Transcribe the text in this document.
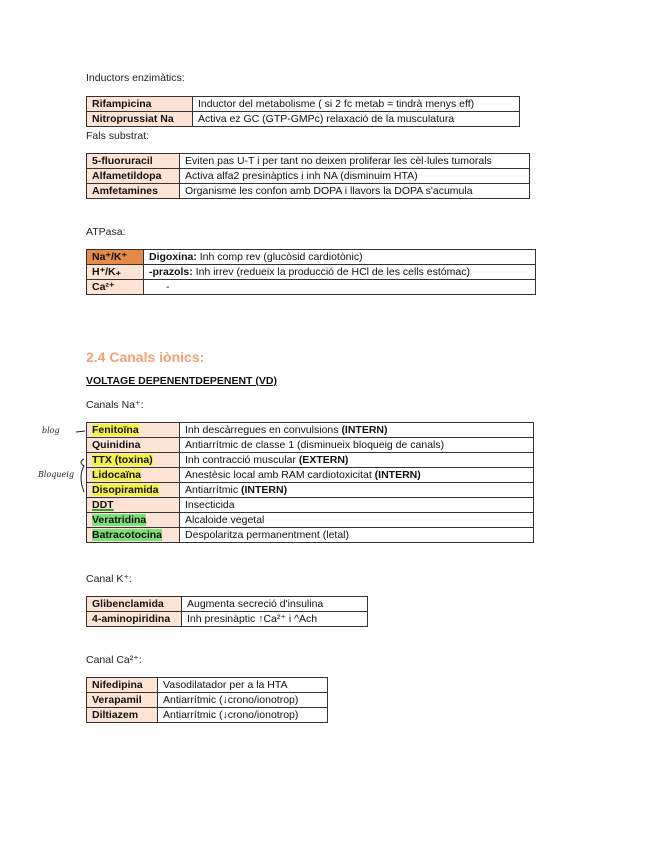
Inductors enzimàtics:
Rifampicina	Inductor del metabolisme ( si 2 fc metab = tindrà menys eff)
Nitroprussiat Na	Activa ez GC (GTP-GMPc) relaxació de la musculatura
Fals substrat:
5-fluoruracil	Eviten pas U-T i per tant no deixen proliferar les cèl·lules tumorals
Alfametildopa	Activa alfa2 presinàptics i inh NA (disminuim HTA)
Amfetamines	Organisme les confon amb DOPA i llavors la DOPA s'acumula
ATPasa:
Na⁺/K⁺	Digoxina: Inh comp rev (glucòsid cardiotònic)
H⁺/K₊	-prazols: Inh irrev (redueix la producció de HCl de les cells estómac)
Ca²⁺	-
2.4 Canals iònics:
VOLTAGE DEPENENTDEPENENT (VD)
Canals Na⁺:
blog
Bloqueig
Fenitoïna	Inh descàrregues en convulsions (INTERN)
Quinidina	Antiarrítmic de classe 1 (disminueix bloqueig de canals)
TTX (toxina)	Inh contracció muscular (EXTERN)
Lidocaïna	Anestèsic local amb RAM cardiotoxicitat (INTERN)
Disopiramida	Antiarrítmic (INTERN)
DDT	Insecticida
Veratridina	Alcaloide vegetal
Batracotocina	Despolaritza permanentment (letal)
Canal K⁺:
Glibenclamida	Augmenta secreció d'insulina
4-aminopiridina	Inh presinàptic ↑Ca²⁺ i ^Ach
Canal Ca²⁺:
Nifedipina	Vasodilatador per a la HTA
Verapamil	Antiarrítmic (↓crono/ionotrop)
Diltiazem	Antiarrítmic (↓crono/ionotrop)
